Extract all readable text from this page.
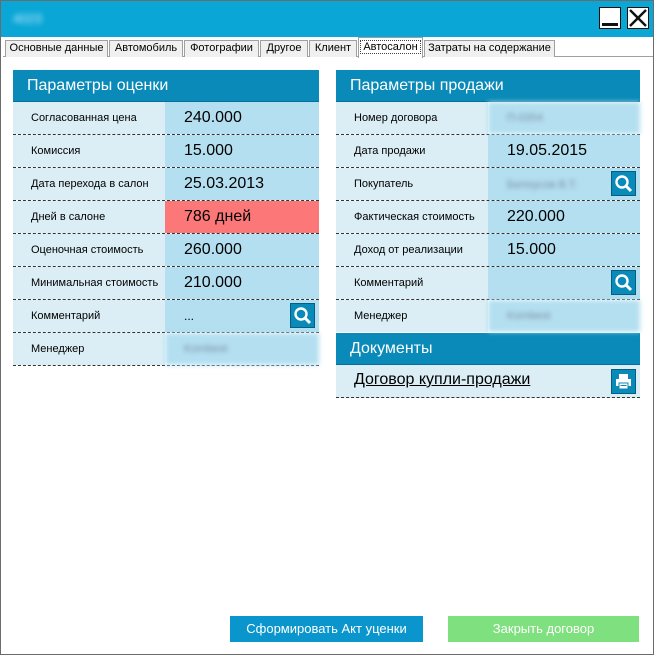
4023
Основные данные	Автомобиль	Фотографии	Другое	Клиент	Автосалон Затраты на содержание
Параметры оценки
Согласованная цена	240.000
Комиссия	15.000
Дата перехода в салон	25.03.2013
Дней в салоне	786 дней
Оценочная стоимость	260.000
Минимальная стоимость	210.000
Комментарий	...
Менеджер	Kombest
Параметры продажи
Номер договора	П-0354
Дата продажи	19.05.2015
Покупатель	Белоусов В.Т.
Фактическая стоимость	220.000
Доход от реализации	15.000
Комментарий
Менеджер	Kombest
Документы
Договор купли-продажи
Сформировать Акт уценки	Закрыть договор
